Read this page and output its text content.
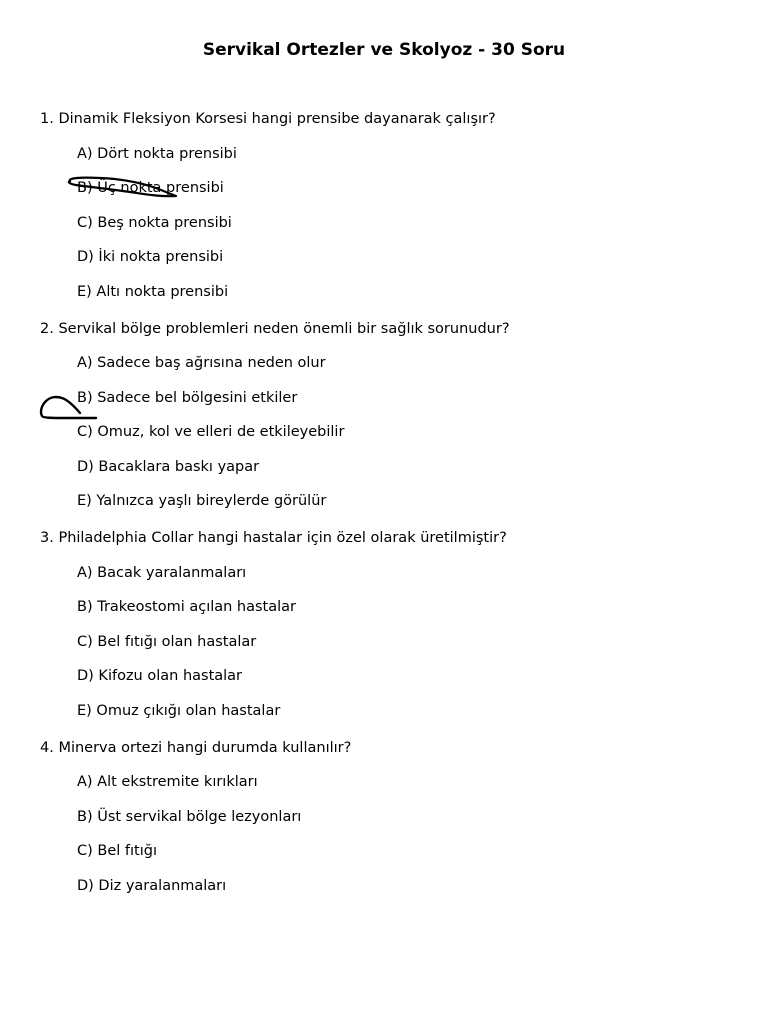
Servikal Ortezler ve Skolyoz - 30 Soru
1. Dinamik Fleksiyon Korsesi hangi prensibe dayanarak çalışır?
A) Dört nokta prensibi
B) Üç nokta prensibi
C) Beş nokta prensibi
D) İki nokta prensibi
E) Altı nokta prensibi
2. Servikal bölge problemleri neden önemli bir sağlık sorunudur?
A) Sadece baş ağrısına neden olur
B) Sadece bel bölgesini etkiler
C) Omuz, kol ve elleri de etkileyebilir
D) Bacaklara baskı yapar
E) Yalnızca yaşlı bireylerde görülür
3. Philadelphia Collar hangi hastalar için özel olarak üretilmiştir?
A) Bacak yaralanmaları
B) Trakeostomi açılan hastalar
C) Bel fıtığı olan hastalar
D) Kifozu olan hastalar
E) Omuz çıkığı olan hastalar
4. Minerva ortezi hangi durumda kullanılır?
A) Alt ekstremite kırıkları
B) Üst servikal bölge lezyonları
C) Bel fıtığı
D) Diz yaralanmaları
